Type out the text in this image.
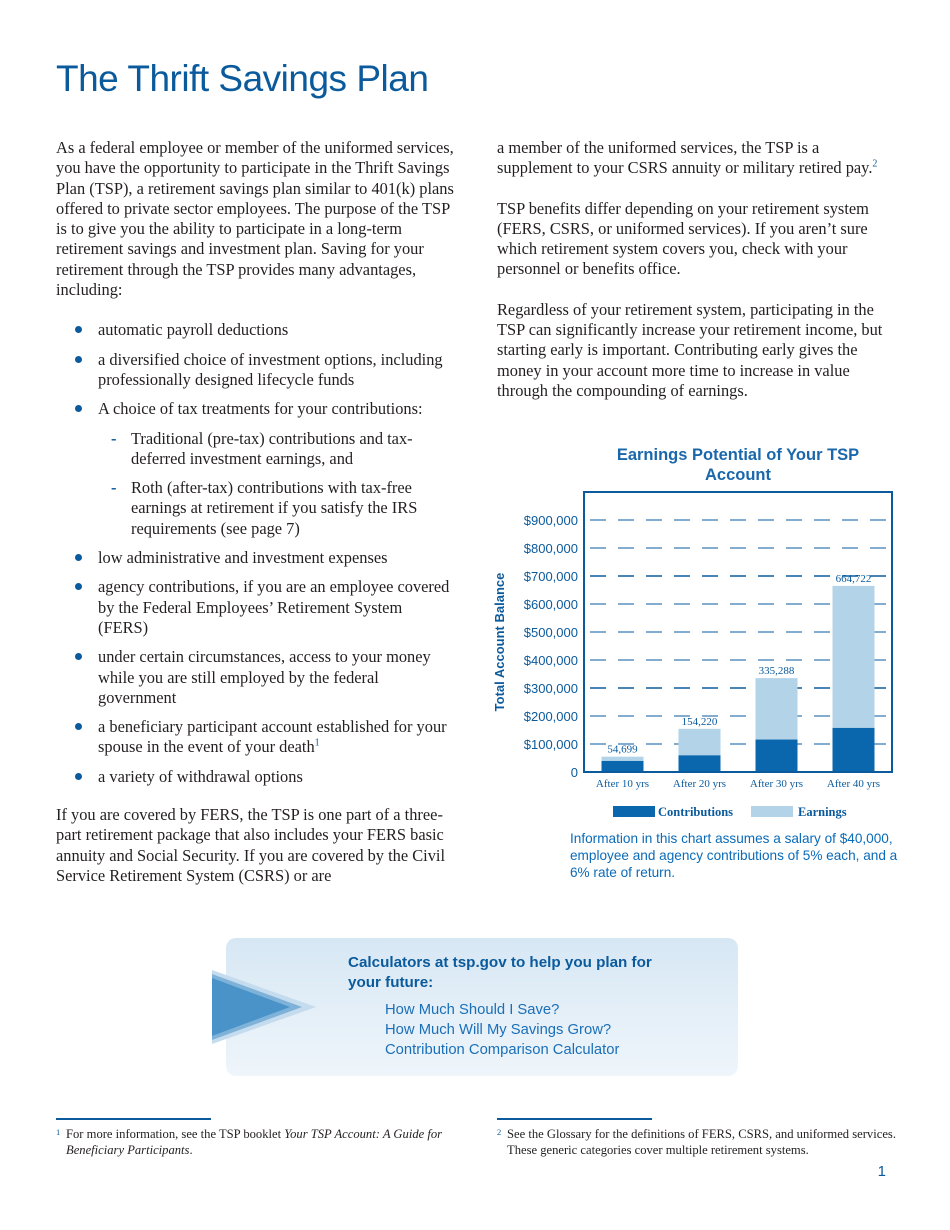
The Thrift Savings Plan

As a federal employee or member of the uniformed services, you have the opportunity to participate in the Thrift Savings Plan (TSP), a retirement savings plan similar to 401(k) plans offered to private sector employees. The purpose of the TSP is to give you the ability to participate in a long-term retirement savings and investment plan. Saving for your retirement through the TSP provides many advantages, including:

automatic payroll deductions
a diversified choice of investment options, including professionally designed lifecycle funds
A choice of tax treatments for your contributions:
- Traditional (pre-tax) contributions and tax-deferred investment earnings, and
- Roth (after-tax) contributions with tax-free earnings at retirement if you satisfy the IRS requirements (see page 7)
low administrative and investment expenses
agency contributions, if you are an employee covered by the Federal Employees’ Retirement System (FERS)
under certain circumstances, access to your money while you are still employed by the federal government
a beneficiary participant account established for your spouse in the event of your death$^1$
a variety of withdrawal options

If you are covered by FERS, the TSP is one part of a three-part retirement package that also includes your FERS basic annuity and Social Security. If you are covered by the Civil Service Retirement System (CSRS) or are

a member of the uniformed services, the TSP is a supplement to your CSRS annuity or military retired pay.$^2$

TSP benefits differ depending on your retirement system (FERS, CSRS, or uniformed services). If you aren’t sure which retirement system covers you, check with your personnel or benefits office.

Regardless of your retirement system, participating in the TSP can significantly increase your retirement income, but starting early is important. Contributing early gives the money in your account more time to increase in value through the compounding of earnings.

Earnings Potential of Your TSP Account
54,699
After 10 yrs
154,220
After 20 yrs
335,288
After 30 yrs
664,722
After 40 yrs
0
$100,000
$200,000
$300,000
$400,000
$500,000
$600,000
$700,000
$800,000
$900,000
Total Account Balance
Contributions	Earnings
Information in this chart assumes a salary of $40,000, employee and agency contributions of 5% each, and a 6% rate of return.
Calculators at tsp.gov to help you plan for your future:
How Much Should I Save?
How Much Will My Savings Grow?
Contribution Comparison Calculator
1 For more information, see the TSP booklet Your TSP Account: A Guide for Beneficiary Participants.
2 See the Glossary for the definitions of FERS, CSRS, and uniformed services. These generic categories cover multiple retirement systems.
1
